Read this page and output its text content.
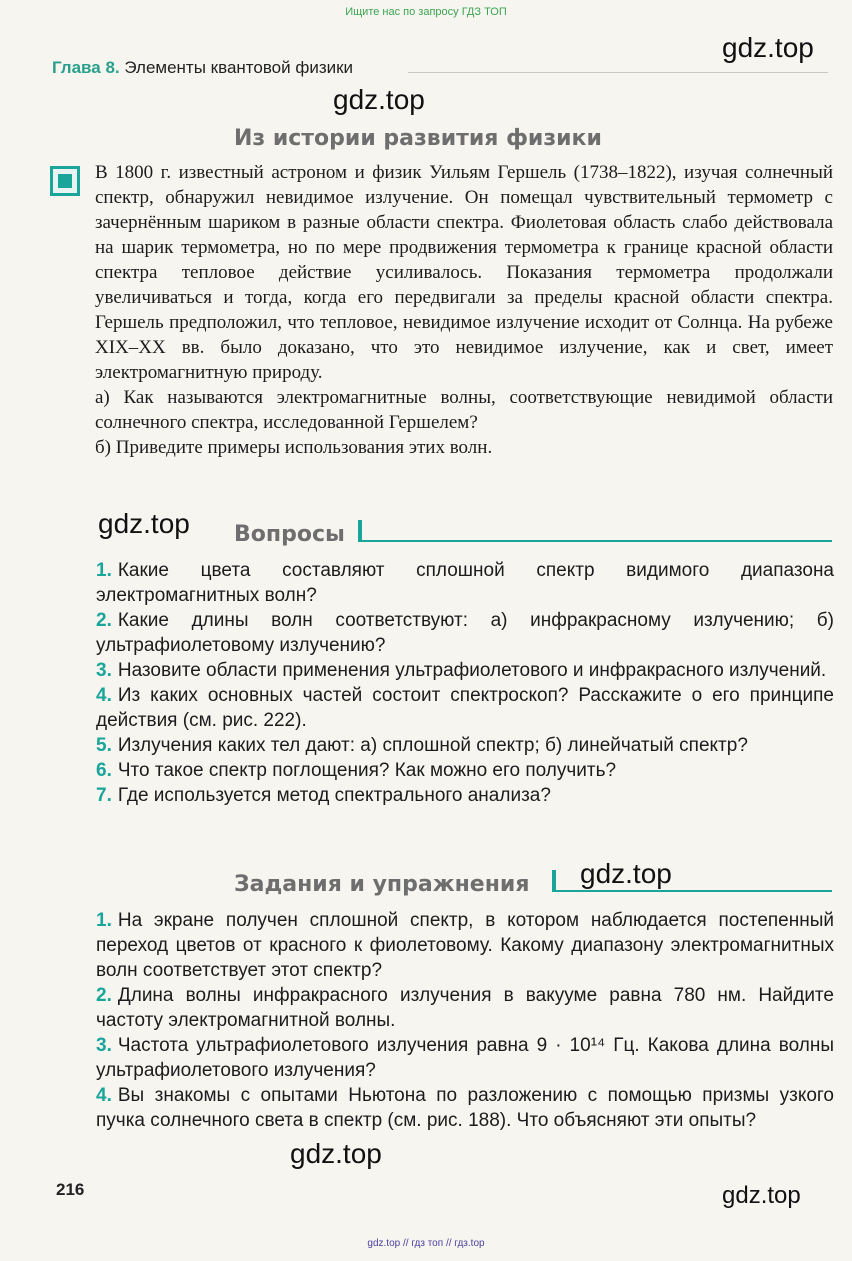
Ищите нас по запросу ГДЗ ТОП
Глава 8. Элементы квантовой физики
gdz.top
gdz.top
gdz.top
gdz.top
gdz.top
gdz.top
Из истории развития физики

В 1800 г. известный астроном и физик Уильям Гершель (1738–1822), изучая солнечный спектр, обнаружил невидимое излучение. Он помещал чувствительный термометр с зачернённым шариком в разные области спектра. Фиолетовая область слабо действовала на шарик термометра, но по мере продвижения термометра к границе красной области спектра тепловое действие усиливалось. Показания термометра продолжали увеличиваться и тогда, когда его передвигали за пределы красной области спектра. Гершель предположил, что тепловое, невидимое излучение исходит от Солнца. На рубеже XIX–XX вв. было доказано, что это невидимое излучение, как и свет, имеет электромагнитную природу.

а) Как называются электромагнитные волны, соответствующие невидимой области солнечного спектра, исследованной Гершелем?

б) Приведите примеры использования этих волн.

Вопросы
1. Какие цвета составляют сплошной спектр видимого диапазона электромагнитных волн?
2. Какие длины волн соответствуют: а) инфракрасному излучению; б) ультрафиолетовому излучению?
3. Назовите области применения ультрафиолетового и инфракрасного излучений.
4. Из каких основных частей состоит спектроскоп? Расскажите о его принципе действия (см. рис. 222).
5. Излучения каких тел дают: а) сплошной спектр; б) линейчатый спектр?
6. Что такое спектр поглощения? Как можно его получить?
7. Где используется метод спектрального анализа?
Задания и упражнения
1. На экране получен сплошной спектр, в котором наблюдается постепенный переход цветов от красного к фиолетовому. Какому диапазону электромагнитных волн соответствует этот спектр?
2. Длина волны инфракрасного излучения в вакууме равна 780 нм. Найдите частоту электромагнитной волны.
3. Частота ультрафиолетового излучения равна 9 · 10¹⁴ Гц. Какова длина волны ультрафиолетового излучения?
4. Вы знакомы с опытами Ньютона по разложению с помощью призмы узкого пучка солнечного света в спектр (см. рис. 188). Что объясняют эти опыты?
216
gdz.top // гдз топ // гдз.top
